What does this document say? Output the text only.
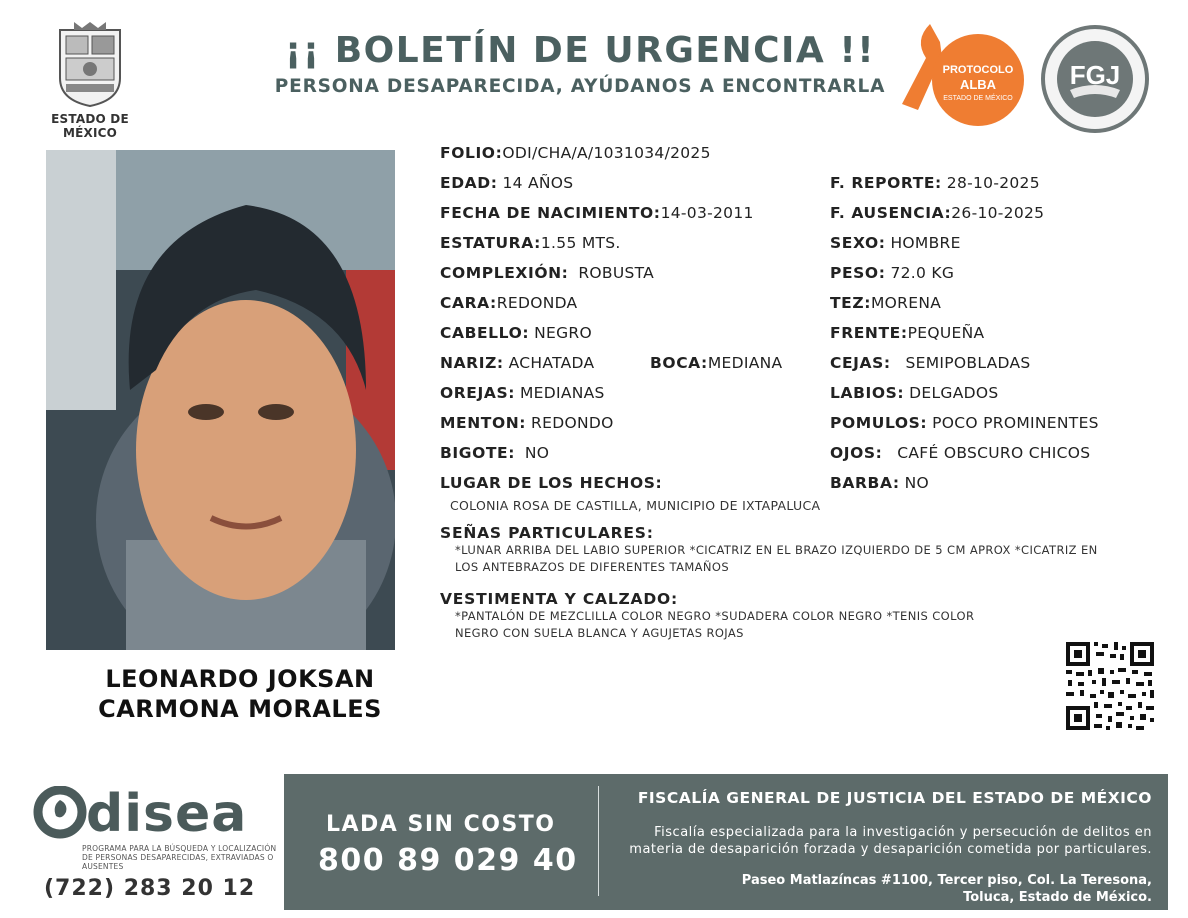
ESTADO DE MÉXICO
¡¡ BOLETÍN DE URGENCIA !!
PERSONA DESAPARECIDA, AYÚDANOS A ENCONTRARLA
PROTOCOLO
ALBA
ESTADO DE MÉXICO
FGJ
LEONARDO JOKSAN
CARMONA MORALES
FOLIO:ODI/CHA/A/1031034/2025
EDAD: 14 AÑOS	F. REPORTE: 28-10-2025
FECHA DE NACIMIENTO:14-03-2011	F. AUSENCIA:26-10-2025
ESTATURA:1.55 MTS.	SEXO: HOMBRE
COMPLEXIÓN: ROBUSTA	PESO: 72.0 KG
CARA:REDONDA	TEZ:MORENA
CABELLO: NEGRO	FRENTE:PEQUEÑA
NARIZ: ACHATADA	BOCA:MEDIANA	CEJAS: SEMIPOBLADAS
OREJAS: MEDIANAS	LABIOS: DELGADOS
MENTON: REDONDO	POMULOS: POCO PROMINENTES
BIGOTE: NO	OJOS: CAFÉ OBSCURO CHICOS
LUGAR DE LOS HECHOS:	BARBA: NO
COLONIA ROSA DE CASTILLA, MUNICIPIO DE IXTAPALUCA
SEÑAS PARTICULARES:
*LUNAR ARRIBA DEL LABIO SUPERIOR *CICATRIZ EN EL BRAZO IZQUIERDO DE 5 CM APROX *CICATRIZ EN
LOS ANTEBRAZOS DE DIFERENTES TAMAÑOS
VESTIMENTA Y CALZADO:
*PANTALÓN DE MEZCLILLA COLOR NEGRO *SUDADERA COLOR NEGRO *TENIS COLOR
NEGRO CON SUELA BLANCA Y AGUJETAS ROJAS
disea
PROGRAMA PARA LA BÚSQUEDA Y LOCALIZACIÓN
DE PERSONAS DESAPARECIDAS, EXTRAVIADAS O
AUSENTES
(722) 283 20 12
LADA SIN COSTO
800 89 029 40
FISCALÍA GENERAL DE JUSTICIA DEL ESTADO DE MÉXICO
Fiscalía especializada para la investigación y persecución de delitos en
materia de desaparición forzada y desaparición cometida por particulares.
Paseo Matlazíncas #1100, Tercer piso, Col. La Teresona,
Toluca, Estado de México.
